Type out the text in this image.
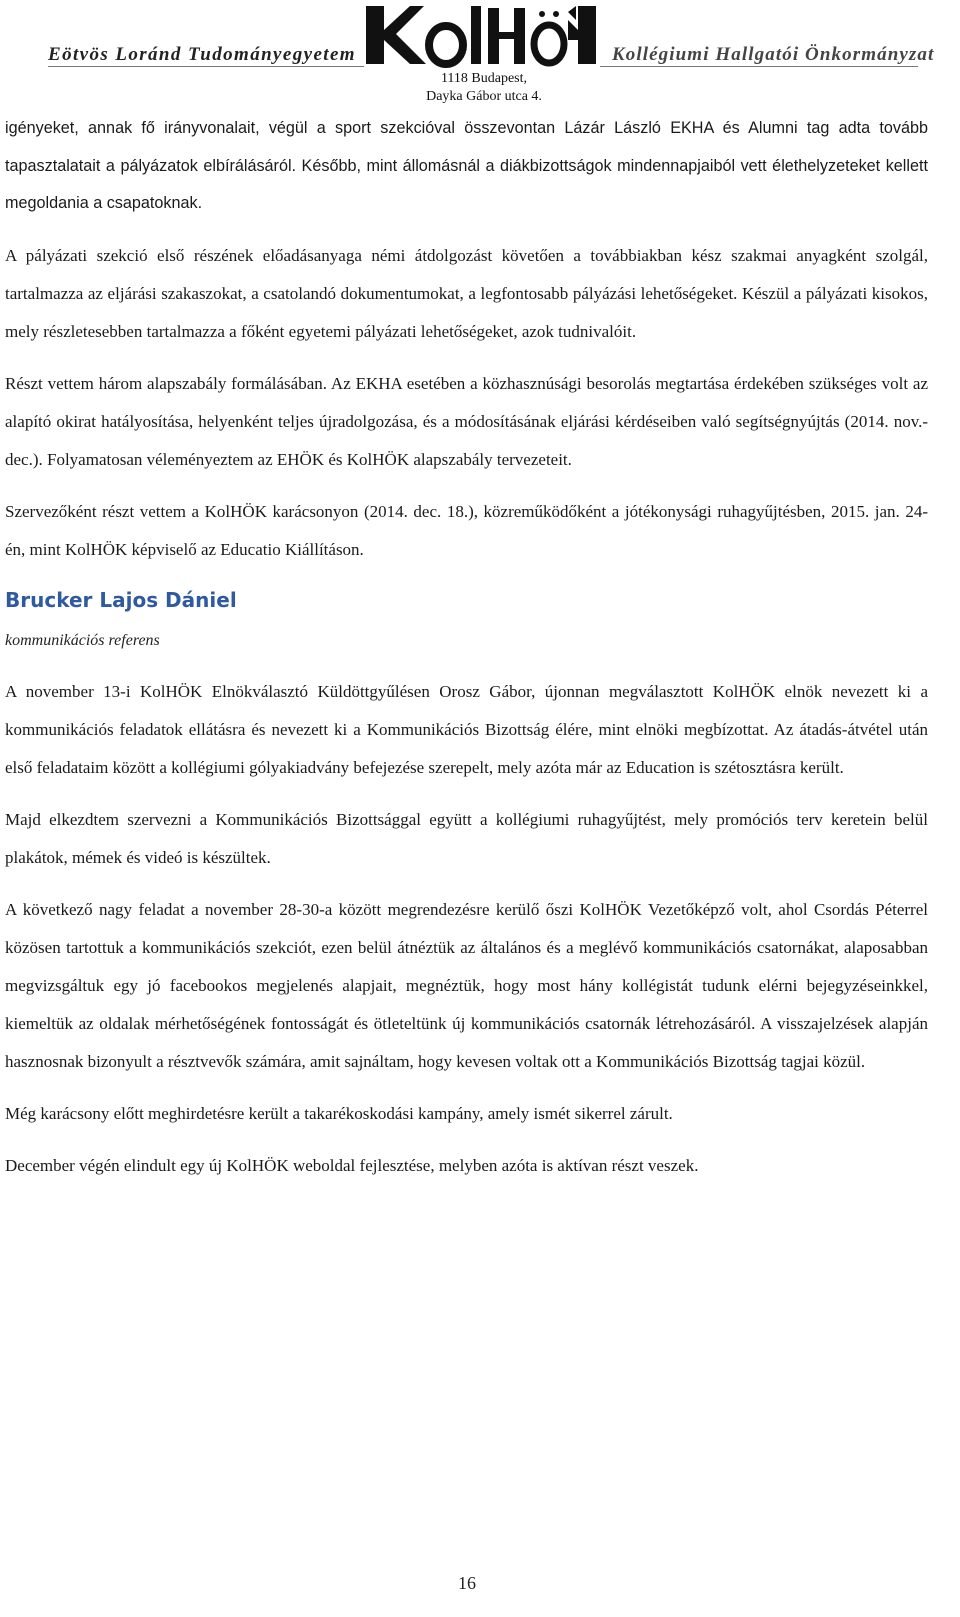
Eötvös Loránd Tudományegyetem
1118 Budapest,
Dayka Gábor utca 4.
Kollégiumi Hallgatói Önkormányzat

igényeket, annak fő irányvonalait, végül a sport szekcióval összevontan Lázár László EKHA és Alumni tag adta tovább tapasztalatait a pályázatok elbírálásáról. Később, mint állomásnál a diákbizottságok mindennapjaiból vett élethelyzeteket kellett megoldania a csapatoknak.

A pályázati szekció első részének előadásanyaga némi átdolgozást követően a továbbiakban kész szakmai anyagként szolgál, tartalmazza az eljárási szakaszokat, a csatolandó dokumentumokat, a legfontosabb pályázási lehetőségeket. Készül a pályázati kisokos, mely részletesebben tartalmazza a főként egyetemi pályázati lehetőségeket, azok tudnivalóit.

Részt vettem három alapszabály formálásában. Az EKHA esetében a közhasznúsági besorolás megtartása érdekében szükséges volt az alapító okirat hatályosítása, helyenként teljes újradolgozása, és a módosításának eljárási kérdéseiben való segítségnyújtás (2014. nov.-dec.). Folyamatosan véleményeztem az EHÖK és KolHÖK alapszabály tervezeteit.

Szervezőként részt vettem a KolHÖK karácsonyon (2014. dec. 18.), közreműködőként a jótékonysági ruhagyűjtésben, 2015. jan. 24-én, mint KolHÖK képviselő az Educatio Kiállításon.

Brucker Lajos Dániel

kommunikációs referens

A november 13-i KolHÖK Elnökválasztó Küldöttgyűlésen Orosz Gábor, újonnan megválasztott KolHÖK elnök nevezett ki a kommunikációs feladatok ellátásra és nevezett ki a Kommunikációs Bizottság élére, mint elnöki megbízottat. Az átadás-átvétel után első feladataim között a kollégiumi gólyakiadvány befejezése szerepelt, mely azóta már az Education is szétosztásra került.

Majd elkezdtem szervezni a Kommunikációs Bizottsággal együtt a kollégiumi ruhagyűjtést, mely promóciós terv keretein belül plakátok, mémek és videó is készültek.

A következő nagy feladat a november 28-30-a között megrendezésre kerülő őszi KolHÖK Vezetőképző volt, ahol Csordás Péterrel közösen tartottuk a kommunikációs szekciót, ezen belül átnéztük az általános és a meglévő kommunikációs csatornákat, alaposabban megvizsgáltuk egy jó facebookos megjelenés alapjait, megnéztük, hogy most hány kollégistát tudunk elérni bejegyzéseinkkel, kiemeltük az oldalak mérhetőségének fontosságát és ötleteltünk új kommunikációs csatornák létrehozásáról. A visszajelzések alapján hasznosnak bizonyult a résztvevők számára, amit sajnáltam, hogy kevesen voltak ott a Kommunikációs Bizottság tagjai közül.

Még karácsony előtt meghirdetésre került a takarékoskodási kampány, amely ismét sikerrel zárult.

December végén elindult egy új KolHÖK weboldal fejlesztése, melyben azóta is aktívan részt veszek.

16
